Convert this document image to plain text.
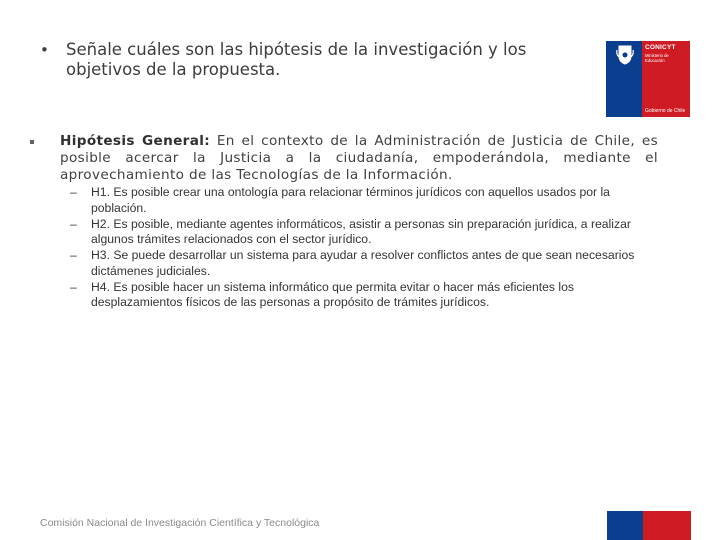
•	Señale cuáles son las hipótesis de la investigación y los objetivos de la propuesta.
CONICYT
Ministerio de Educación
Gobierno de Chile
Hipótesis General: En el contexto de la Administración de Justicia de Chile, es posible acercar la Justicia a la ciudadanía, empoderándola, mediante el aprovechamiento de las Tecnologías de la Información.
– H1. Es posible crear una ontología para relacionar términos jurídicos con aquellos usados por la población.
– H2. Es posible, mediante agentes informáticos, asistir a personas sin preparación jurídica, a realizar algunos trámites relacionados con el sector jurídico.
– H3. Se puede desarrollar un sistema para ayudar a resolver conflictos antes de que sean necesarios dictámenes judiciales.
– H4. Es posible hacer un sistema informático que permita evitar o hacer más eficientes los desplazamientos físicos de las personas a propósito de trámites jurídicos.
Comisión Nacional de Investigación Científica y Tecnológica
